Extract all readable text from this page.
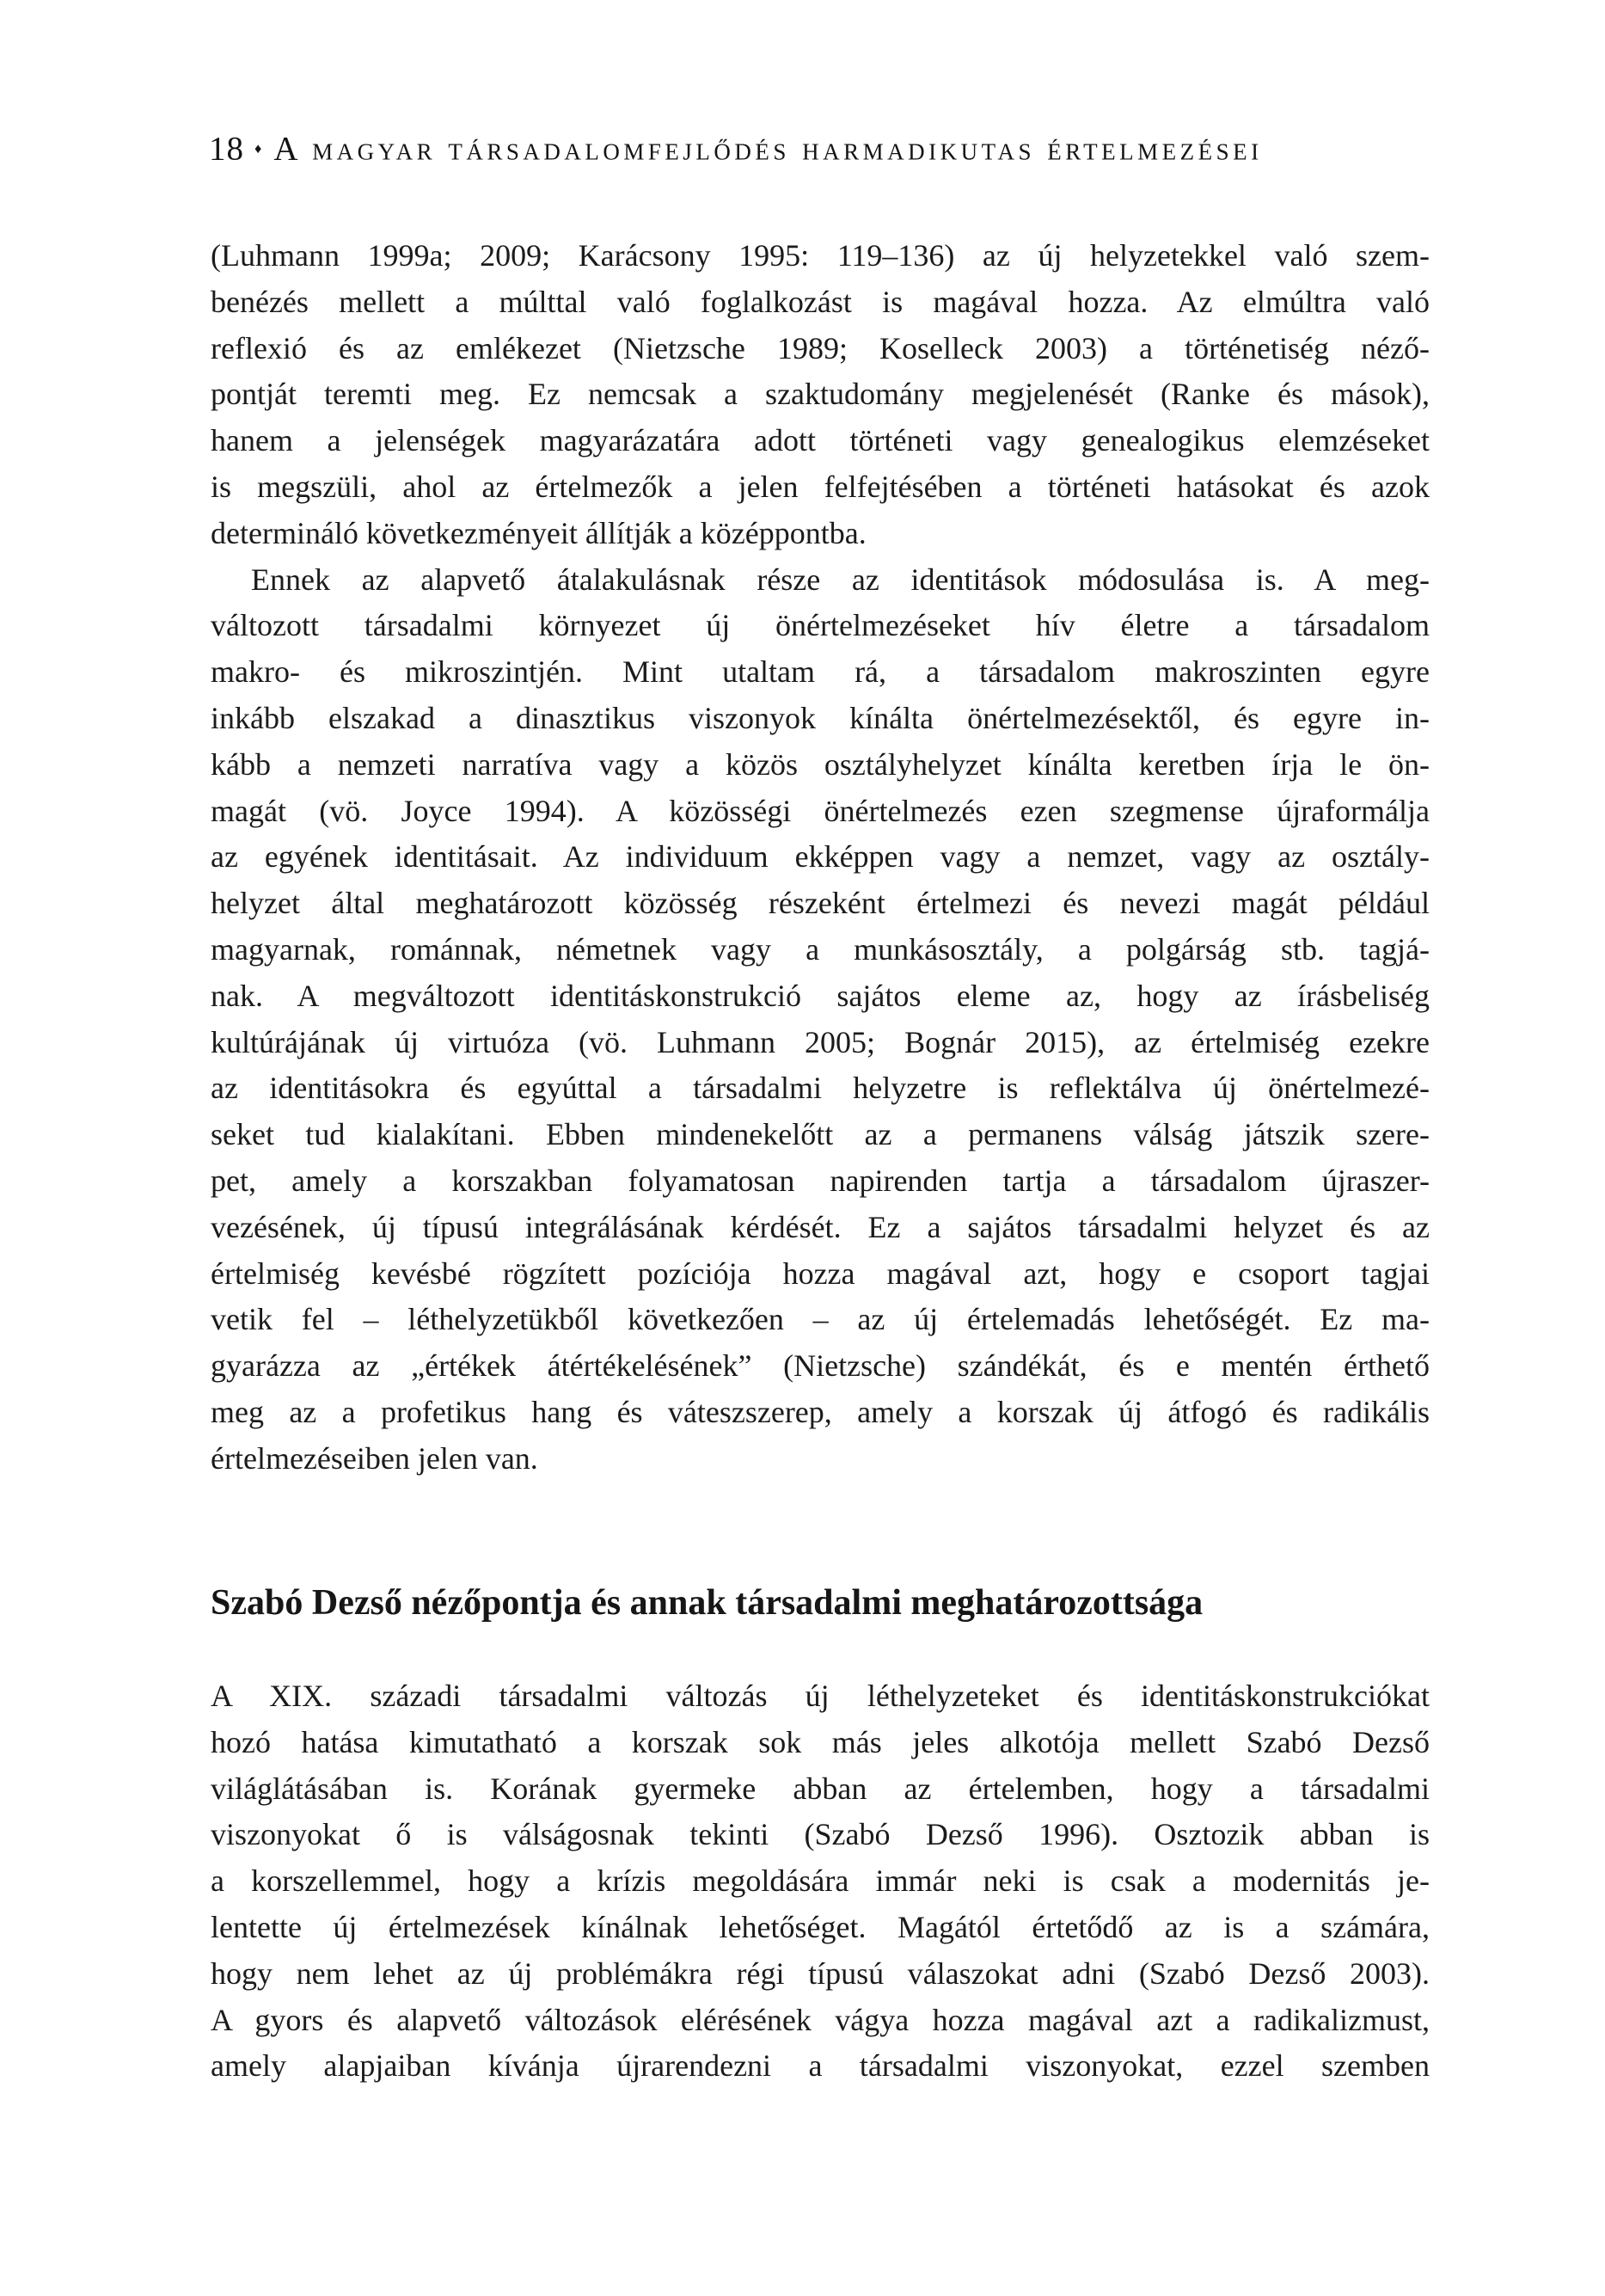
18 ♦ A magyar társadalomfejlődés harmadikutas értelmezései
(Luhmann 1999a; 2009; Karácsony 1995: 119–136) az új helyzetekkel való szem-
benézés mellett a múlttal való foglalkozást is magával hozza. Az elmúltra való
reflexió és az emlékezet (Nietzsche 1989; Koselleck 2003) a történetiség néző-
pontját teremti meg. Ez nemcsak a szaktudomány megjelenését (Ranke és mások),
hanem a jelenségek magyarázatára adott történeti vagy genealogikus elemzéseket
is megszüli, ahol az értelmezők a jelen felfejtésében a történeti hatásokat és azok
determináló következményeit állítják a középpontba.
Ennek az alapvető átalakulásnak része az identitások módosulása is. A meg-
változott társadalmi környezet új önértelmezéseket hív életre a társadalom
makro- és mikroszintjén. Mint utaltam rá, a társadalom makroszinten egyre
inkább elszakad a dinasztikus viszonyok kínálta önértelmezésektől, és egyre in-
kább a nemzeti narratíva vagy a közös osztályhelyzet kínálta keretben írja le ön-
magát (vö. Joyce 1994). A közösségi önértelmezés ezen szegmense újraformálja
az egyének identitásait. Az individuum ekképpen vagy a nemzet, vagy az osztály-
helyzet által meghatározott közösség részeként értelmezi és nevezi magát például
magyarnak, románnak, németnek vagy a munkásosztály, a polgárság stb. tagjá-
nak. A megváltozott identitáskonstrukció sajátos eleme az, hogy az írásbeliség
kultúrájának új virtuóza (vö. Luhmann 2005; Bognár 2015), az értelmiség ezekre
az identitásokra és egyúttal a társadalmi helyzetre is reflektálva új önértelmezé-
seket tud kialakítani. Ebben mindenekelőtt az a permanens válság játszik szere-
pet, amely a korszakban folyamatosan napirenden tartja a társadalom újraszer-
vezésének, új típusú integrálásának kérdését. Ez a sajátos társadalmi helyzet és az
értelmiség kevésbé rögzített pozíciója hozza magával azt, hogy e csoport tagjai
vetik fel – léthelyzetükből következően – az új értelemadás lehetőségét. Ez ma-
gyarázza az „értékek átértékelésének” (Nietzsche) szándékát, és e mentén érthető
meg az a profetikus hang és váteszszerep, amely a korszak új átfogó és radikális
értelmezéseiben jelen van.
Szabó Dezső nézőpontja és annak társadalmi meghatározottsága
A XIX. századi társadalmi változás új léthelyzeteket és identitáskonstrukciókat
hozó hatása kimutatható a korszak sok más jeles alkotója mellett Szabó Dezső
világlátásában is. Korának gyermeke abban az értelemben, hogy a társadalmi
viszonyokat ő is válságosnak tekinti (Szabó Dezső 1996). Osztozik abban is
a korszellemmel, hogy a krízis megoldására immár neki is csak a modernitás je-
lentette új értelmezések kínálnak lehetőséget. Magától értetődő az is a számára,
hogy nem lehet az új problémákra régi típusú válaszokat adni (Szabó Dezső 2003).
A gyors és alapvető változások elérésének vágya hozza magával azt a radikalizmust,
amely alapjaiban kívánja újrarendezni a társadalmi viszonyokat, ezzel szemben
